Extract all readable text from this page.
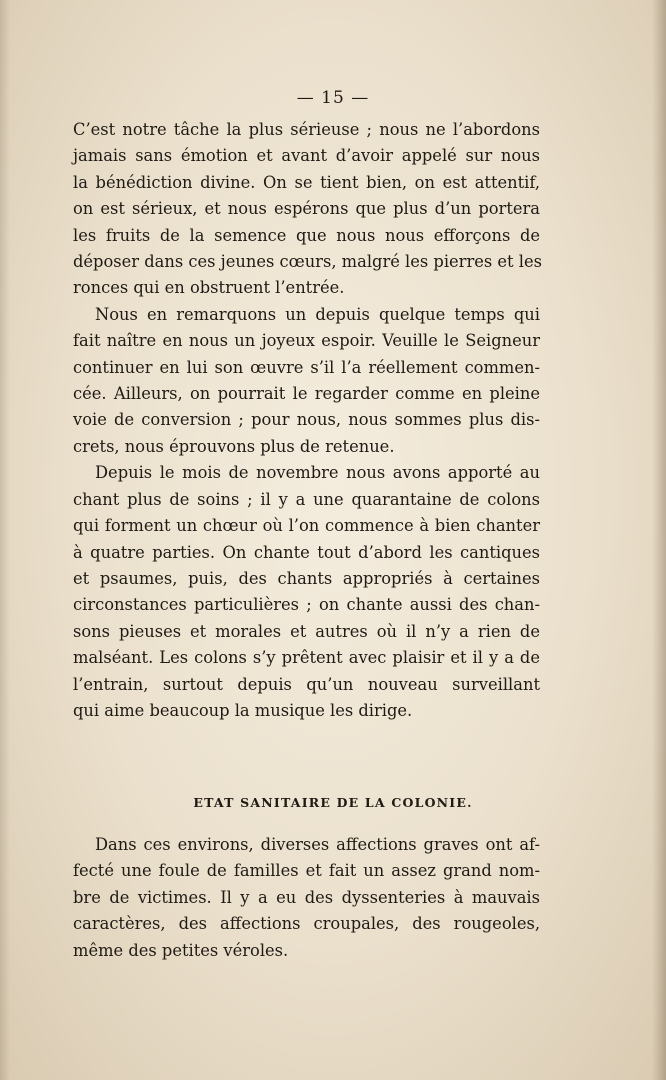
— 15 —
C’est notre tâche la plus sérieuse ; nous ne l’abordons
jamais sans émotion et avant d’avoir appelé sur nous
la bénédiction divine. On se tient bien, on est attentif,
on est sérieux, et nous espérons que plus d’un portera
les fruits de la semence que nous nous efforçons de
déposer dans ces jeunes cœurs, malgré les pierres et les
ronces qui en obstruent l’entrée.
Nous en remarquons un depuis quelque temps qui
fait naître en nous un joyeux espoir. Veuille le Seigneur
continuer en lui son œuvre s’il l’a réellement commen-
cée. Ailleurs, on pourrait le regarder comme en pleine
voie de conversion ; pour nous, nous sommes plus dis-
crets, nous éprouvons plus de retenue.
Depuis le mois de novembre nous avons apporté au
chant plus de soins ; il y a une quarantaine de colons
qui forment un chœur où l’on commence à bien chanter
à quatre parties. On chante tout d’abord les cantiques
et psaumes, puis, des chants appropriés à certaines
circonstances particulières ; on chante aussi des chan-
sons pieuses et morales et autres où il n’y a rien de
malséant. Les colons s’y prêtent avec plaisir et il y a de
l’entrain, surtout depuis qu’un nouveau surveillant
qui aime beaucoup la musique les dirige.
ETAT SANITAIRE DE LA COLONIE.
Dans ces environs, diverses affections graves ont af-
fecté une foule de familles et fait un assez grand nom-
bre de victimes. Il y a eu des dyssenteries à mauvais
caractères, des affections croupales, des rougeoles,
même des petites véroles.
